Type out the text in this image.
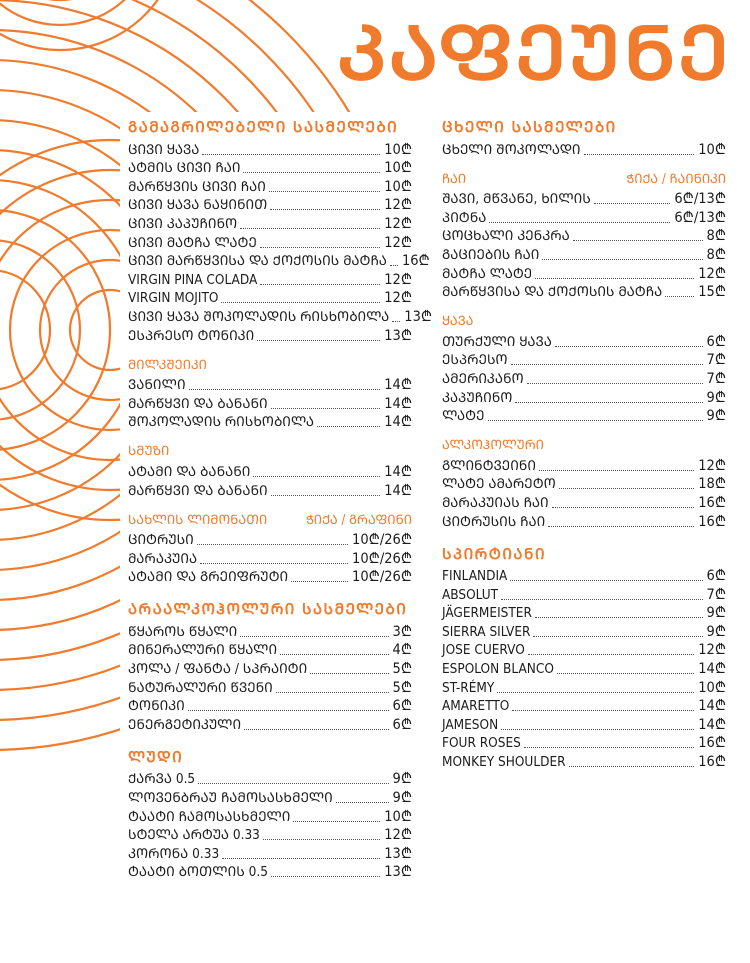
ᲙᲐᲤᲔᲣᲜᲔ
ᲒᲐᲛᲐᲒᲠᲘᲚᲔᲑᲔᲚᲘ ᲡᲐᲡᲛᲔᲚᲔᲑᲘ
ᲪᲘᲕᲘ ᲧᲐᲕᲐ	10₾
ᲐᲢᲛᲘᲡ ᲪᲘᲕᲘ ᲩᲐᲘ	10₾
ᲛᲐᲠᲬᲧᲕᲘᲡ ᲪᲘᲕᲘ ᲩᲐᲘ	10₾
ᲪᲘᲕᲘ ᲧᲐᲕᲐ ᲜᲐᲧᲘᲜᲘᲗ	12₾
ᲪᲘᲕᲘ ᲙᲐᲞᲣᲩᲘᲜᲝ	12₾
ᲪᲘᲕᲘ ᲛᲐᲢᲩᲐ ᲚᲐᲢᲔ	12₾
ᲪᲘᲕᲘ ᲛᲐᲠᲬᲧᲕᲘᲡᲐ ᲓᲐ ᲥᲝᲥᲝᲡᲘᲡ ᲛᲐᲢᲩᲐ 16₾
VIRGIN PINA COLADA	12₾
VIRGIN MOJITO	12₾
ᲪᲘᲕᲘ ᲧᲐᲕᲐ ᲨᲝᲙᲝᲚᲐᲓᲘᲡ ᲠᲘᲡᲮᲝᲑᲘᲚᲐ 13₾
ᲔᲡᲞᲠᲔᲡᲝ ᲢᲝᲜᲘᲙᲘ	13₾
ᲛᲘᲚᲙᲨᲔᲘᲙᲘ
ᲕᲐᲜᲘᲚᲘ	14₾
ᲛᲐᲠᲬᲧᲕᲘ ᲓᲐ ᲑᲐᲜᲐᲜᲘ	14₾
ᲨᲝᲙᲝᲚᲐᲓᲘᲡ ᲠᲘᲡᲮᲝᲑᲘᲚᲐ	14₾
ᲡᲛᲣᲖᲘ
ᲐᲢᲐᲛᲘ ᲓᲐ ᲑᲐᲜᲐᲜᲘ	14₾
ᲛᲐᲠᲬᲧᲕᲘ ᲓᲐ ᲑᲐᲜᲐᲜᲘ	14₾
ᲡᲐᲮᲚᲘᲡ ᲚᲘᲛᲝᲜᲐᲗᲘ	ᲭᲘᲥᲐ / ᲒᲠᲐᲤᲘᲜᲘ
ᲪᲘᲢᲠᲣᲡᲘ	10₾/26₾
ᲛᲐᲠᲐᲙᲣᲘᲐ	10₾/26₾
ᲐᲢᲐᲛᲘ ᲓᲐ ᲒᲠᲔᲘᲤᲠᲣᲢᲘ	10₾/26₾
ᲐᲠᲐᲐᲚᲙᲝᲰᲝᲚᲣᲠᲘ ᲡᲐᲡᲛᲔᲚᲔᲑᲘ
ᲬᲧᲐᲠᲝᲡ ᲬᲧᲐᲚᲘ	3₾
ᲛᲘᲜᲔᲠᲐᲚᲣᲠᲘ ᲬᲧᲐᲚᲘ	4₾
ᲙᲝᲚᲐ / ᲤᲐᲜᲢᲐ / ᲡᲞᲠᲐᲘᲢᲘ	5₾
ᲜᲐᲢᲣᲠᲐᲚᲣᲠᲘ ᲬᲕᲔᲜᲘ	5₾
ᲢᲝᲜᲘᲙᲘ	6₾
ᲔᲜᲔᲠᲒᲔᲢᲘᲙᲣᲚᲘ	6₾
ᲚᲣᲓᲘ
ᲥᲐᲠᲕᲐ 0.5	9₾
ᲚᲝᲕᲔᲜᲑᲠᲐᲣ ᲩᲐᲛᲝᲡᲐᲡᲮᲛᲔᲚᲘ	9₾
ᲢᲐᲐᲢᲘ ᲩᲐᲛᲝᲡᲐᲡᲮᲛᲔᲚᲘ	10₾
ᲡᲢᲔᲚᲐ ᲐᲠᲢᲣᲐ 0.33	12₾
ᲙᲝᲠᲝᲜᲐ 0.33	13₾
ᲢᲐᲐᲢᲘ ᲑᲝᲗᲚᲘᲡ 0.5	13₾
ᲪᲮᲔᲚᲘ ᲡᲐᲡᲛᲔᲚᲔᲑᲘ
ᲪᲮᲔᲚᲘ ᲨᲝᲙᲝᲚᲐᲓᲘ	10₾
ᲩᲐᲘ	ᲭᲘᲥᲐ / ᲩᲐᲘᲜᲘᲙᲘ
ᲨᲐᲕᲘ, ᲛᲬᲕᲐᲜᲔ, ᲮᲘᲚᲘᲡ	6₾/13₾
ᲞᲘᲢᲜᲐ	6₾/13₾
ᲪᲝᲪᲮᲐᲚᲘ ᲙᲔᲜᲙᲠᲐ	8₾
ᲒᲐᲪᲘᲔᲑᲘᲡ ᲩᲐᲘ	8₾
ᲛᲐᲢᲩᲐ ᲚᲐᲢᲔ	12₾
ᲛᲐᲠᲬᲧᲕᲘᲡᲐ ᲓᲐ ᲥᲝᲥᲝᲡᲘᲡ ᲛᲐᲢᲩᲐ 15₾
ᲧᲐᲕᲐ
ᲗᲣᲠᲥᲣᲚᲘ ᲧᲐᲕᲐ	6₾
ᲔᲡᲞᲠᲔᲡᲝ	7₾
ᲐᲛᲔᲠᲘᲙᲐᲜᲝ	7₾
ᲙᲐᲞᲣᲩᲘᲜᲝ	9₾
ᲚᲐᲢᲔ	9₾
ᲐᲚᲙᲝᲰᲝᲚᲣᲠᲘ
ᲒᲚᲘᲜᲢᲕᲔᲘᲜᲘ	12₾
ᲚᲐᲢᲔ ᲐᲛᲐᲠᲔᲢᲝ	18₾
ᲛᲐᲠᲐᲙᲣᲘᲐᲡ ᲩᲐᲘ	16₾
ᲪᲘᲢᲠᲣᲡᲘᲡ ᲩᲐᲘ	16₾
ᲡᲞᲘᲠᲢᲘᲐᲜᲘ
FINLANDIA	6₾
ABSOLUT	7₾
JÄGERMEISTER	9₾
SIERRA SILVER	9₾
JOSE CUERVO	12₾
ESPOLON BLANCO	14₾
ST-RÉMY	10₾
AMARETTO	14₾
JAMESON	14₾
FOUR ROSES	16₾
MONKEY SHOULDER	16₾
